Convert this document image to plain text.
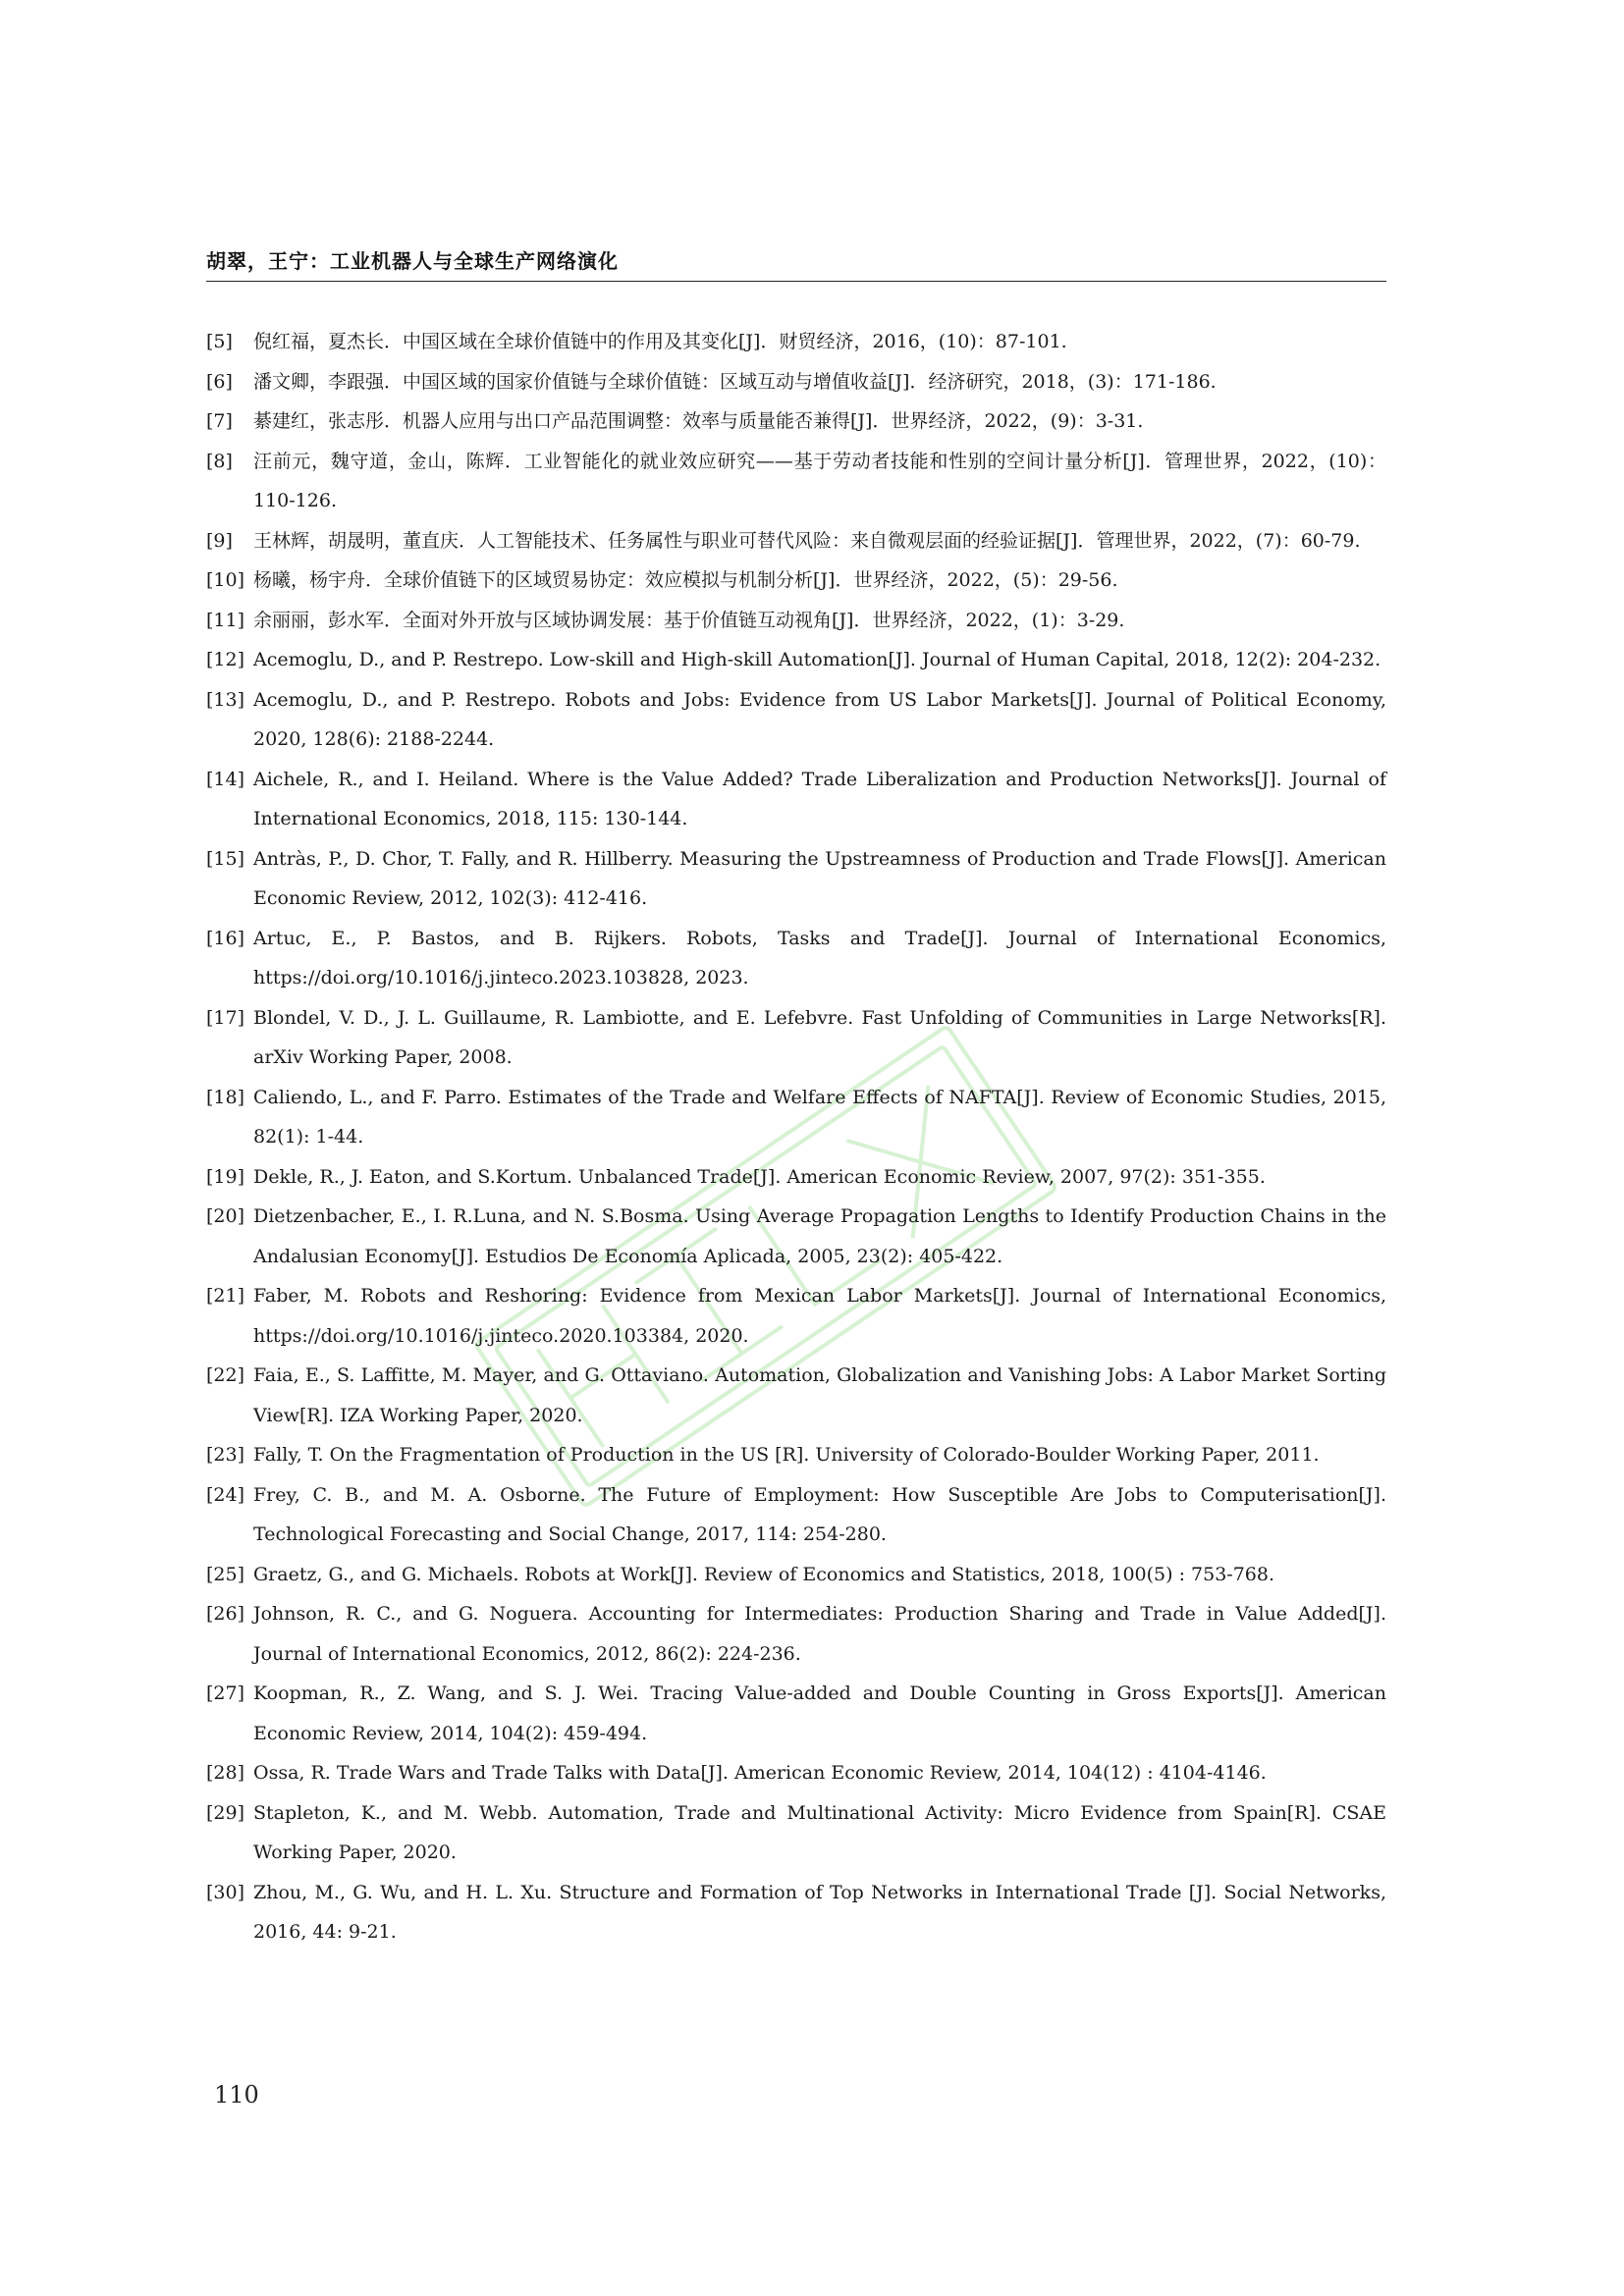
胡翠，王宁：工业机器人与全球生产网络演化
[5] 倪红福，夏杰长．中国区域在全球价值链中的作用及其变化[J]．财贸经济，2016，(10)：87-101.
[6] 潘文卿，李跟强．中国区域的国家价值链与全球价值链：区域互动与增值收益[J]．经济研究，2018，(3)：171-186.
[7] 綦建红，张志彤．机器人应用与出口产品范围调整：效率与质量能否兼得[J]．世界经济，2022，(9)：3-31.
[8] 汪前元，魏守道，金山，陈辉．工业智能化的就业效应研究——基于劳动者技能和性别的空间计量分析[J]．管理世界，2022，(10)：110-126.
[9] 王林辉，胡晟明，董直庆．人工智能技术、任务属性与职业可替代风险：来自微观层面的经验证据[J]．管理世界，2022，(7)：60-79.
[10] 杨曦，杨宇舟．全球价值链下的区域贸易协定：效应模拟与机制分析[J]．世界经济，2022，(5)：29-56.
[11] 余丽丽，彭水军．全面对外开放与区域协调发展：基于价值链互动视角[J]．世界经济，2022，(1)：3-29.
[12] Acemoglu, D., and P. Restrepo. Low-skill and High-skill Automation[J]. Journal of Human Capital, 2018, 12(2): 204-232.
[13] Acemoglu, D., and P. Restrepo. Robots and Jobs: Evidence from US Labor Markets[J]. Journal of Political Economy, 2020, 128(6): 2188-2244.
[14] Aichele, R., and I. Heiland. Where is the Value Added? Trade Liberalization and Production Networks[J]. Journal of International Economics, 2018, 115: 130-144.
[15] Antràs, P., D. Chor, T. Fally, and R. Hillberry. Measuring the Upstreamness of Production and Trade Flows[J]. American Economic Review, 2012, 102(3): 412-416.
[16] Artuc, E., P. Bastos, and B. Rijkers. Robots, Tasks and Trade[J]. Journal of International Economics, https://doi.org/10.1016/j.jinteco.2023.103828, 2023.
[17] Blondel, V. D., J. L. Guillaume, R. Lambiotte, and E. Lefebvre. Fast Unfolding of Communities in Large Networks[R]. arXiv Working Paper, 2008.
[18] Caliendo, L., and F. Parro. Estimates of the Trade and Welfare Effects of NAFTA[J]. Review of Economic Studies, 2015, 82(1): 1-44.
[19] Dekle, R., J. Eaton, and S.Kortum. Unbalanced Trade[J]. American Economic Review, 2007, 97(2): 351-355.
[20] Dietzenbacher, E., I. R.Luna, and N. S.Bosma. Using Average Propagation Lengths to Identify Production Chains in the Andalusian Economy[J]. Estudios De Economía Aplicada, 2005, 23(2): 405-422.
[21] Faber, M. Robots and Reshoring: Evidence from Mexican Labor Markets[J]. Journal of International Economics, https://doi.org/10.1016/j.jinteco.2020.103384, 2020.
[22] Faia, E., S. Laffitte, M. Mayer, and G. Ottaviano. Automation, Globalization and Vanishing Jobs: A Labor Market Sorting View[R]. IZA Working Paper, 2020.
[23] Fally, T. On the Fragmentation of Production in the US [R]. University of Colorado-Boulder Working Paper, 2011.
[24] Frey, C. B., and M. A. Osborne. The Future of Employment: How Susceptible Are Jobs to Computerisation[J]. Technological Forecasting and Social Change, 2017, 114: 254-280.
[25] Graetz, G., and G. Michaels. Robots at Work[J]. Review of Economics and Statistics, 2018, 100(5) : 753-768.
[26] Johnson, R. C., and G. Noguera. Accounting for Intermediates: Production Sharing and Trade in Value Added[J]. Journal of International Economics, 2012, 86(2): 224-236.
[27] Koopman, R., Z. Wang, and S. J. Wei. Tracing Value-added and Double Counting in Gross Exports[J]. American Economic Review, 2014, 104(2): 459-494.
[28] Ossa, R. Trade Wars and Trade Talks with Data[J]. American Economic Review, 2014, 104(12) : 4104-4146.
[29] Stapleton, K., and M. Webb. Automation, Trade and Multinational Activity: Micro Evidence from Spain[R]. CSAE Working Paper, 2020.
[30] Zhou, M., G. Wu, and H. L. Xu. Structure and Formation of Top Networks in International Trade [J]. Social Networks, 2016, 44: 9-21.
110
